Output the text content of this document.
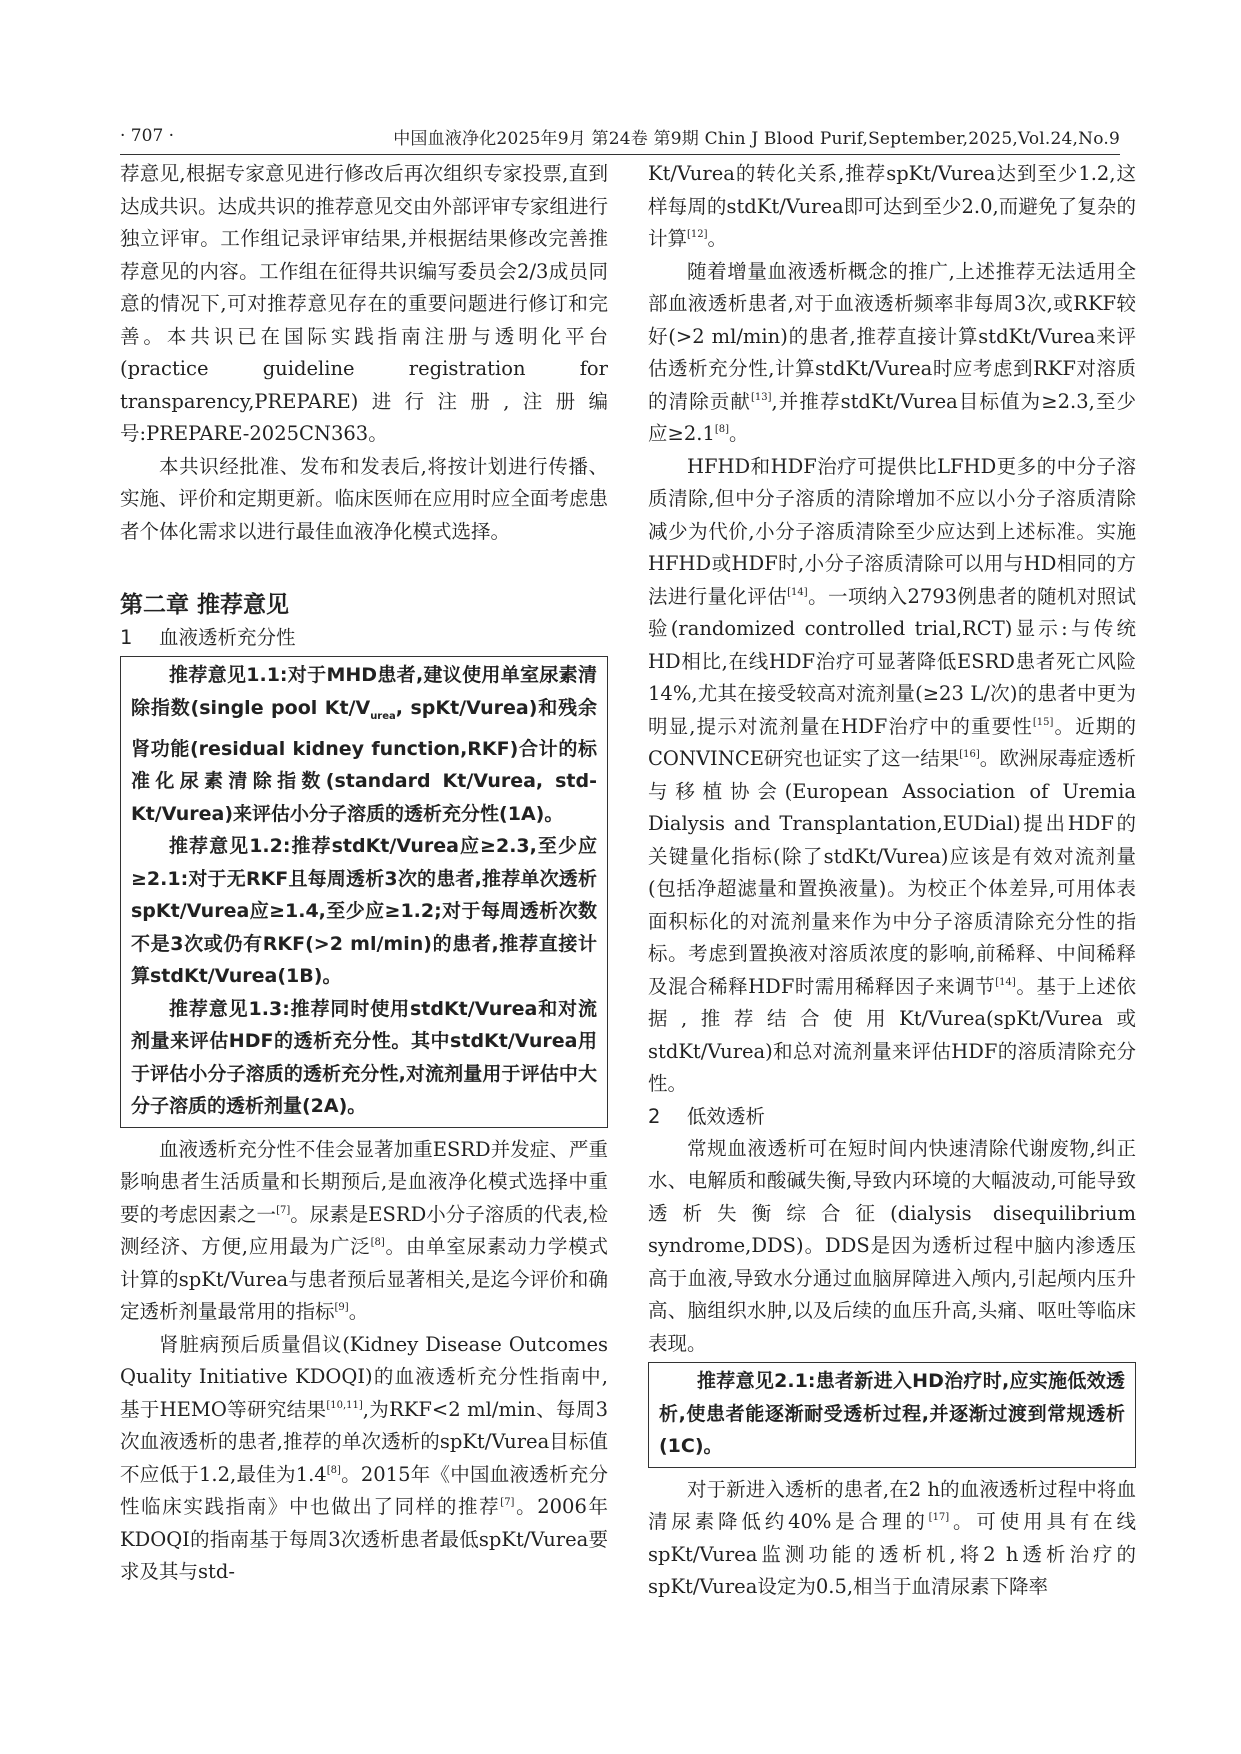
· 707 ·	中国血液净化2025年9月 第24卷 第9期 Chin J Blood Purif,September,2025,Vol.24,No.9

荐意见,根据专家意见进行修改后再次组织专家投票,直到达成共识。达成共识的推荐意见交由外部评审专家组进行独立评审。工作组记录评审结果,并根据结果修改完善推荐意见的内容。工作组在征得共识编写委员会2/3成员同意的情况下,可对推荐意见存在的重要问题进行修订和完善。本共识已在国际实践指南注册与透明化平台(practice guideline registration for transparency,PREPARE)进行注册,注册编号:PREPARE-2025CN363。

本共识经批准、发布和发表后,将按计划进行传播、实施、评价和定期更新。临床医师在应用时应全面考虑患者个体化需求以进行最佳血液净化模式选择。

第二章 推荐意见
1 血液透析充分性

推荐意见1.1:对于MHD患者,建议使用单室尿素清除指数(single pool $Kt/V_{urea}$, spKt/Vurea)和残余肾功能(residual kidney function,RKF)合计的标准化尿素清除指数(standard Kt/Vurea, std-Kt/Vurea)来评估小分子溶质的透析充分性(1A)。

推荐意见1.2:推荐stdKt/Vurea应≥2.3,至少应≥2.1:对于无RKF且每周透析3次的患者,推荐单次透析spKt/Vurea应≥1.4,至少应≥1.2;对于每周透析次数不是3次或仍有RKF(>2 ml/min)的患者,推荐直接计算stdKt/Vurea(1B)。

推荐意见1.3:推荐同时使用stdKt/Vurea和对流剂量来评估HDF的透析充分性。其中stdKt/Vurea用于评估小分子溶质的透析充分性,对流剂量用于评估中大分子溶质的透析剂量(2A)。

血液透析充分性不佳会显著加重ESRD并发症、严重影响患者生活质量和长期预后,是血液净化模式选择中重要的考虑因素之一[7]。尿素是ESRD小分子溶质的代表,检测经济、方便,应用最为广泛[8]。由单室尿素动力学模式计算的spKt/Vurea与患者预后显著相关,是迄今评价和确定透析剂量最常用的指标[9]。

肾脏病预后质量倡议(Kidney Disease Outcomes Quality Initiative KDOQI)的血液透析充分性指南中,基于HEMO等研究结果[10,11],为RKF<2 ml/min、每周3次血液透析的患者,推荐的单次透析的spKt/Vurea目标值不应低于1.2,最佳为1.4[8]。2015年《中国血液透析充分性临床实践指南》中也做出了同样的推荐[7]。2006年KDOQI的指南基于每周3次透析患者最低spKt/Vurea要求及其与std-

Kt/Vurea的转化关系,推荐spKt/Vurea达到至少1.2,这样每周的stdKt/Vurea即可达到至少2.0,而避免了复杂的计算[12]。

随着增量血液透析概念的推广,上述推荐无法适用全部血液透析患者,对于血液透析频率非每周3次,或RKF较好(>2 ml/min)的患者,推荐直接计算stdKt/Vurea来评估透析充分性,计算stdKt/Vurea时应考虑到RKF对溶质的清除贡献[13],并推荐stdKt/Vurea目标值为≥2.3,至少应≥2.1[8]。

HFHD和HDF治疗可提供比LFHD更多的中分子溶质清除,但中分子溶质的清除增加不应以小分子溶质清除减少为代价,小分子溶质清除至少应达到上述标准。实施HFHD或HDF时,小分子溶质清除可以用与HD相同的方法进行量化评估[14]。一项纳入2793例患者的随机对照试验(randomized controlled trial,RCT)显示:与传统HD相比,在线HDF治疗可显著降低ESRD患者死亡风险14%,尤其在接受较高对流剂量(≥23 L/次)的患者中更为明显,提示对流剂量在HDF治疗中的重要性[15]。近期的CONVINCE研究也证实了这一结果[16]。欧洲尿毒症透析与移植协会(European Association of Uremia Dialysis and Transplantation,EUDial)提出HDF的关键量化指标(除了stdKt/Vurea)应该是有效对流剂量(包括净超滤量和置换液量)。为校正个体差异,可用体表面积标化的对流剂量来作为中分子溶质清除充分性的指标。考虑到置换液对溶质浓度的影响,前稀释、中间稀释及混合稀释HDF时需用稀释因子来调节[14]。基于上述依据,推荐结合使用Kt/Vurea(spKt/Vurea或stdKt/Vurea)和总对流剂量来评估HDF的溶质清除充分性。

2 低效透析

常规血液透析可在短时间内快速清除代谢废物,纠正水、电解质和酸碱失衡,导致内环境的大幅波动,可能导致透析失衡综合征(dialysis disequilibrium syndrome,DDS)。DDS是因为透析过程中脑内渗透压高于血液,导致水分通过血脑屏障进入颅内,引起颅内压升高、脑组织水肿,以及后续的血压升高,头痛、呕吐等临床表现。

推荐意见2.1:患者新进入HD治疗时,应实施低效透析,使患者能逐渐耐受透析过程,并逐渐过渡到常规透析(1C)。

对于新进入透析的患者,在2 h的血液透析过程中将血清尿素降低约40%是合理的[17]。可使用具有在线spKt/Vurea监测功能的透析机,将2 h透析治疗的spKt/Vurea设定为0.5,相当于血清尿素下降率
